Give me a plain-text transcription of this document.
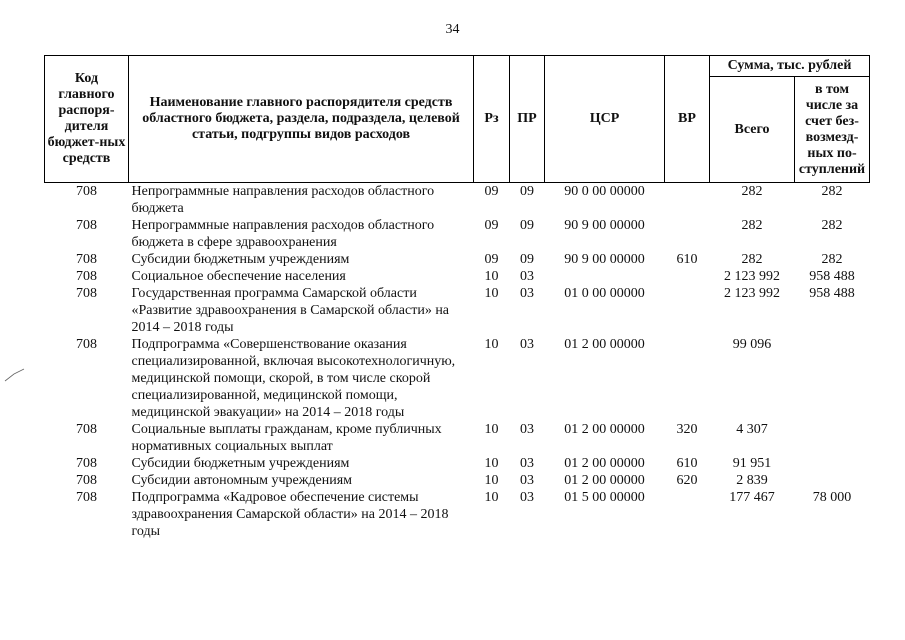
34
Код главного распоря-дителя бюджет-ных средств	Наименование главного распорядителя средств областного бюджета, раздела, подраздела, целевой статьи, подгруппы видов расходов	Рз	ПР	ЦСР	ВР	Сумма, тыс. рублей	
						Всего	в том числе за счет без-возмезд-ных по-ступлений
708	Непрограммные направления расходов областного бюджета	09	09	90 0 00 00000		282	282
708	Непрограммные направления расходов областного бюджета в сфере здравоохранения	09	09	90 9 00 00000		282	282
708	Субсидии бюджетным учреждениям	09	09	90 9 00 00000	610	282	282
708	Социальное обеспечение населения	10	03			2 123 992	958 488
708	Государственная программа Самарской области «Развитие здравоохранения в Самарской области» на 2014 – 2018 годы	10	03	01 0 00 00000		2 123 992	958 488
708	Подпрограмма «Совершенствование оказания специализированной, включая высокотехнологичную, медицинской помощи, скорой, в том числе скорой специализированной, медицинской помощи, медицинской эвакуации» на 2014 – 2018 годы	10	03	01 2 00 00000		99 096	
708	Социальные выплаты гражданам, кроме публичных нормативных социальных выплат	10	03	01 2 00 00000	320	4 307	
708	Субсидии бюджетным учреждениям	10	03	01 2 00 00000	610	91 951	
708	Субсидии автономным учреждениям	10	03	01 2 00 00000	620	2 839	
708	Подпрограмма «Кадровое обеспечение системы здравоохранения Самарской области» на 2014 – 2018 годы	10	03	01 5 00 00000		177 467	78 000
